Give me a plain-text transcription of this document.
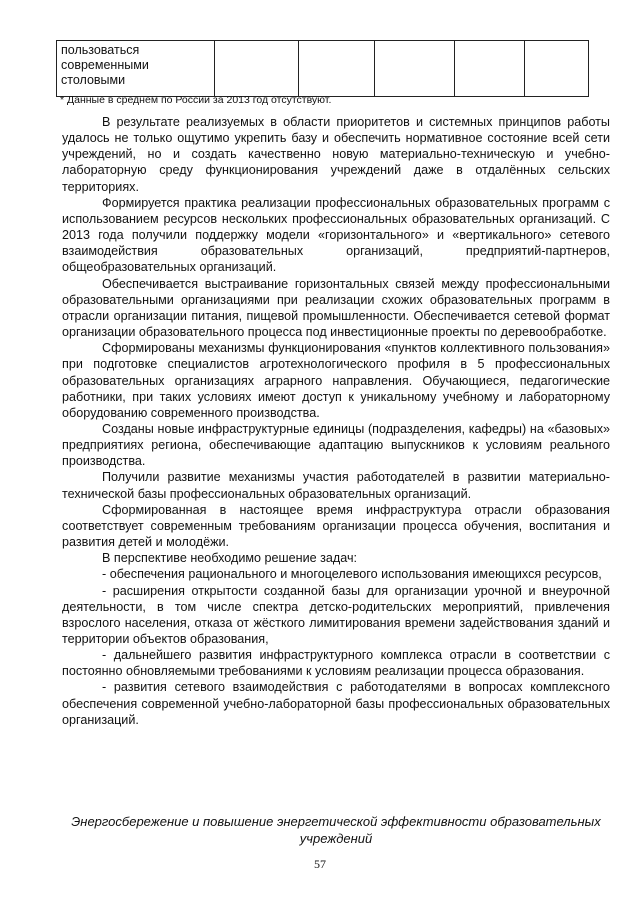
пользоваться современными столовыми					
* Данные в среднем по России за 2013 год отсутствуют.

В результате реализуемых в области приоритетов и системных принципов работы удалось не только ощутимо укрепить базу и обеспечить нормативное состояние всей сети учреждений, но и создать качественно новую материально-техническую и учебно-лабораторную среду функционирования учреждений даже в отдалённых сельских территориях.

Формируется практика реализации профессиональных образовательных программ с использованием ресурсов нескольких профессиональных образовательных организаций. С 2013 года получили поддержку модели «горизонтального» и «вертикального» сетевого взаимодействия образовательных организаций, предприятий-партнеров, общеобразовательных организаций.

Обеспечивается выстраивание горизонтальных связей между профессиональными образовательными организациями при реализации схожих образовательных программ в отрасли организации питания, пищевой промышленности. Обеспечивается сетевой формат организации образовательного процесса под инвестиционные проекты по деревообработке.

Сформированы механизмы функционирования «пунктов коллективного пользования» при подготовке специалистов агротехнологического профиля в 5 профессиональных образовательных организациях аграрного направления. Обучающиеся, педагогические работники, при таких условиях имеют доступ к уникальному учебному и лабораторному оборудованию современного производства.

Созданы новые инфраструктурные единицы (подразделения, кафедры) на «базовых» предприятиях региона, обеспечивающие адаптацию выпускников к условиям реального производства.

Получили развитие механизмы участия работодателей в развитии материально-технической базы профессиональных образовательных организаций.

Сформированная в настоящее время инфраструктура отрасли образования соответствует современным требованиям организации процесса обучения, воспитания и развития детей и молодёжи.

В перспективе необходимо решение задач:

- обеспечения рационального и многоцелевого использования имеющихся ресурсов,

- расширения открытости созданной базы для организации урочной и внеурочной деятельности, в том числе спектра детско-родительских мероприятий, привлечения взрослого населения, отказа от жёсткого лимитирования времени задействования зданий и территории объектов образования,

- дальнейшего развития инфраструктурного комплекса отрасли в соответствии с постоянно обновляемыми требованиями к условиям реализации процесса образования.

- развития сетевого взаимодействия с работодателями в вопросах комплексного обеспечения современной учебно-лабораторной базы профессиональных образовательных организаций.

Энергосбережение и повышение энергетической эффективности образовательных учреждений
57
